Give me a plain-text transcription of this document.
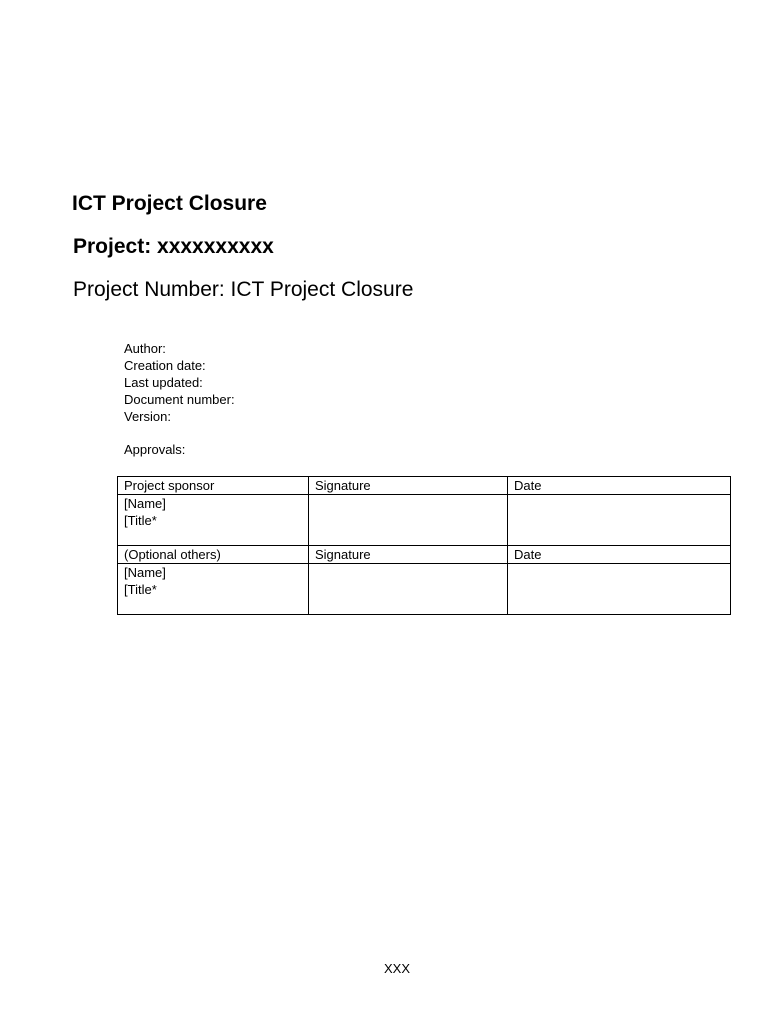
ICT Project Closure
Project: xxxxxxxxxx
Project Number: ICT Project Closure
Author:
Creation date:
Last updated:
Document number:
Version:

Approvals:

Project sponsor	Signature	Date

[Name]
[Title*		

(Optional others)	Signature	Date

[Name]
[Title*		

XXX
